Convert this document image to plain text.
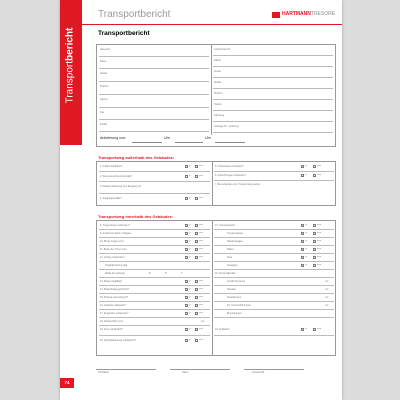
Transportbericht
Transportbericht	HARTMANNTRESORE
Transportbericht
Absender
Name
Straße
PLZ/Ort
Telefon
Fax
E-Mail
Lieferschein-Nr.
Datum
Kunde
Straße
PLZ/Ort
Telefon
Fahrzeug
Auftrags-Nr. / Lieferung
Anlieferung von:	Uhr	Uhr
Transportweg außerhalb des Gebäudes:
1. Zufahrt befahrbar?	ja	nein
2. Weg ausreichend befestigt?	ja	nein
3. Abstand Fahrzeug zum Eingang (m)
4. Steigung/Gefälle?	ja	nein
5. Hindernisse vorhanden?	ja	nein
6. Stufen/Treppe vorhanden?	ja	nein
7. Bemerkungen zum Transportweg außen
Transportweg innerhalb des Gebäudes:
8. Treppenhaus vorhanden?	ja	nein
9. Anzahl der Stufen / Etagen	ja	nein
10. Breite Treppe (cm)	ja	nein
11. Breite der Türen (cm)	ja	nein
12. Aufzug vorhanden?	ja	nein
Tragkraft Aufzug (kg)
Maße des Aufzugs	B	H	T
13. Boden tragfähig?	ja	nein
14. Bodenbelag geschützt?	ja	nein
15. Podeste ausreichend?	ja	nein
16. Geländer abbaubar?	ja	nein
17. Engstellen vorhanden?	ja	nein
18. Deckenhöhe (cm)	cm
19. Kran erforderlich?	ja	nein
20. Spezialwerkzeug erforderlich?	ja	nein
21. Transportgerät	ja	nein
Treppensteiger	ja	nein
Palettenwagen	ja	nein
Rollen	ja	nein
Kran	ja	nein
Sonstiges	ja	nein
22. Personalbedarf
Anzahl Personen	cm
Stunden	cm
Zusatzkosten	cm
23. Unterschrift Kunde	cm
Bemerkungen
24. Aufstellort	ja	nein
Ort/Datum	Name	Unterschrift
74
